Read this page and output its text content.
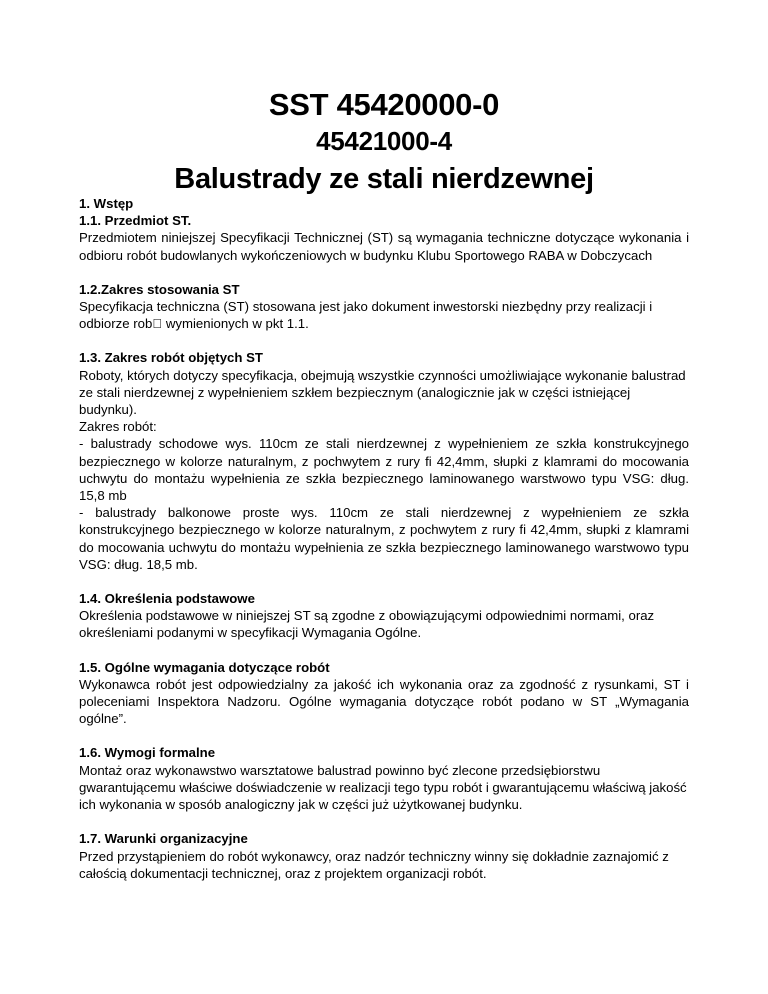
SST 45420000-0
45421000-4
Balustrady ze stali nierdzewnej

1. Wstęp

1.1. Przedmiot ST.

Przedmiotem niniejszej Specyfikacji Technicznej (ST) są wymagania techniczne dotyczące wykonania i odbioru robót budowlanych wykończeniowych w budynku Klubu Sportowego RABA w Dobczycach

1.2.Zakres stosowania ST

Specyfikacja techniczna (ST) stosowana jest jako dokument inwestorski niezbędny przy realizacji i odbiorze rob  wymienionych w pkt 1.1.

1.3. Zakres robót objętych ST

Roboty, których dotyczy specyfikacja, obejmują wszystkie czynności umożliwiające wykonanie balustrad ze stali nierdzewnej z wypełnieniem szkłem bezpiecznym (analogicznie jak w części istniejącej budynku).

Zakres robót:

- balustrady schodowe wys. 110cm ze stali nierdzewnej z wypełnieniem ze szkła konstrukcyjnego bezpiecznego w kolorze naturalnym, z pochwytem z rury fi 42,4mm, słupki z klamrami do mocowania uchwytu do montażu wypełnienia ze szkła bezpiecznego laminowanego warstwowo typu VSG: dług. 15,8 mb

- balustrady balkonowe proste wys. 110cm ze stali nierdzewnej z wypełnieniem ze szkła konstrukcyjnego bezpiecznego w kolorze naturalnym, z pochwytem z rury fi 42,4mm, słupki z klamrami do mocowania uchwytu do montażu wypełnienia ze szkła bezpiecznego laminowanego warstwowo typu VSG: dług. 18,5 mb.

1.4. Określenia podstawowe

Określenia podstawowe w niniejszej ST są zgodne z obowiązującymi odpowiednimi normami, oraz określeniami podanymi w specyfikacji Wymagania Ogólne.

1.5. Ogólne wymagania dotyczące robót

Wykonawca robót jest odpowiedzialny za jakość ich wykonania oraz za zgodność z rysunkami, ST i poleceniami Inspektora Nadzoru. Ogólne wymagania dotyczące robót podano w ST „Wymagania ogólne”.

1.6. Wymogi formalne

Montaż oraz wykonawstwo warsztatowe balustrad powinno być zlecone przedsiębiorstwu gwarantującemu właściwe doświadczenie w realizacji tego typu robót i gwarantującemu właściwą jakość ich wykonania w sposób analogiczny jak w części już użytkowanej budynku.

1.7. Warunki organizacyjne

Przed przystąpieniem do robót wykonawcy, oraz nadzór techniczny winny się dokładnie zaznajomić z całością dokumentacji technicznej, oraz z projektem organizacji robót.
